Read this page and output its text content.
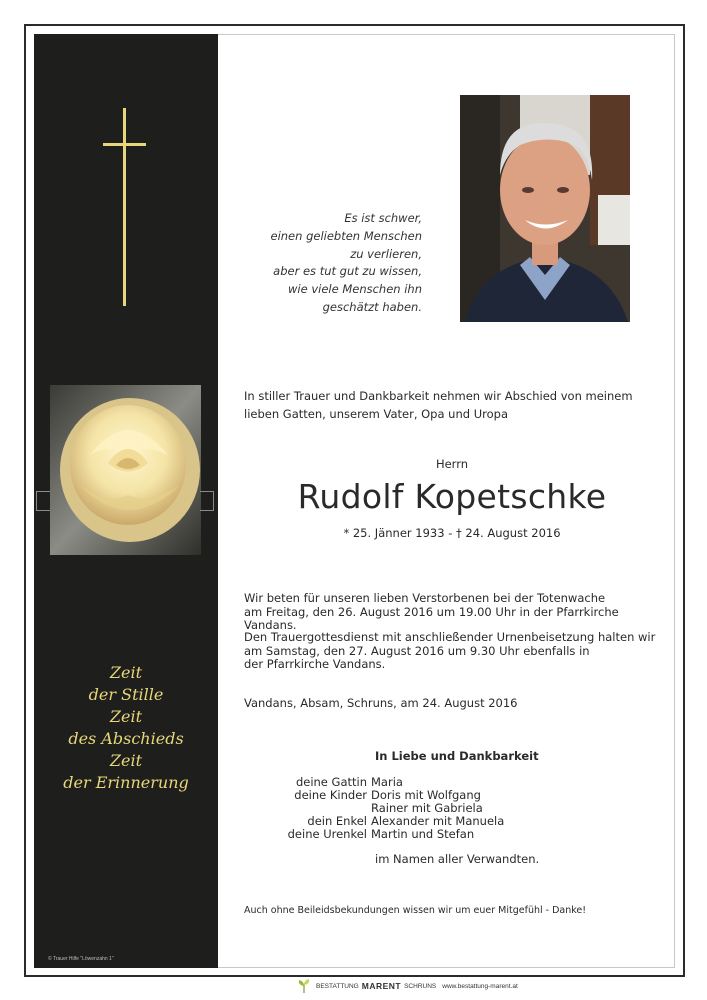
Zeit
der Stille
Zeit
des Abschieds
Zeit
der Erinnerung
© Trauer Hilfe "Löwenzahn 1"
Es ist schwer,
einen geliebten Menschen
zu verlieren,
aber es tut gut zu wissen,
wie viele Menschen ihn
geschätzt haben.
In stiller Trauer und Dankbarkeit nehmen wir Abschied von meinem
lieben Gatten, unserem Vater, Opa und Uropa
Herrn
Rudolf Kopetschke
* 25. Jänner 1933 - † 24. August 2016
Wir beten für unseren lieben Verstorbenen bei der Totenwache
am Freitag, den 26. August 2016 um 19.00 Uhr in der Pfarrkirche Vandans.
Den Trauergottesdienst mit anschließender Urnenbeisetzung halten wir
am Samstag, den 27. August 2016 um 9.30 Uhr ebenfalls in
der Pfarrkirche Vandans.
Vandans, Absam, Schruns, am 24. August 2016
In Liebe und Dankbarkeit
deine Gattin Maria
deine Kinder Doris mit Wolfgang
Rainer mit Gabriela
dein Enkel Alexander mit Manuela
deine Urenkel Martin und Stefan
im Namen aller Verwandten.
Auch ohne Beileidsbekundungen wissen wir um euer Mitgefühl - Danke!
BESTATTUNG MARENT SCHRUNS www.bestattung-marent.at
